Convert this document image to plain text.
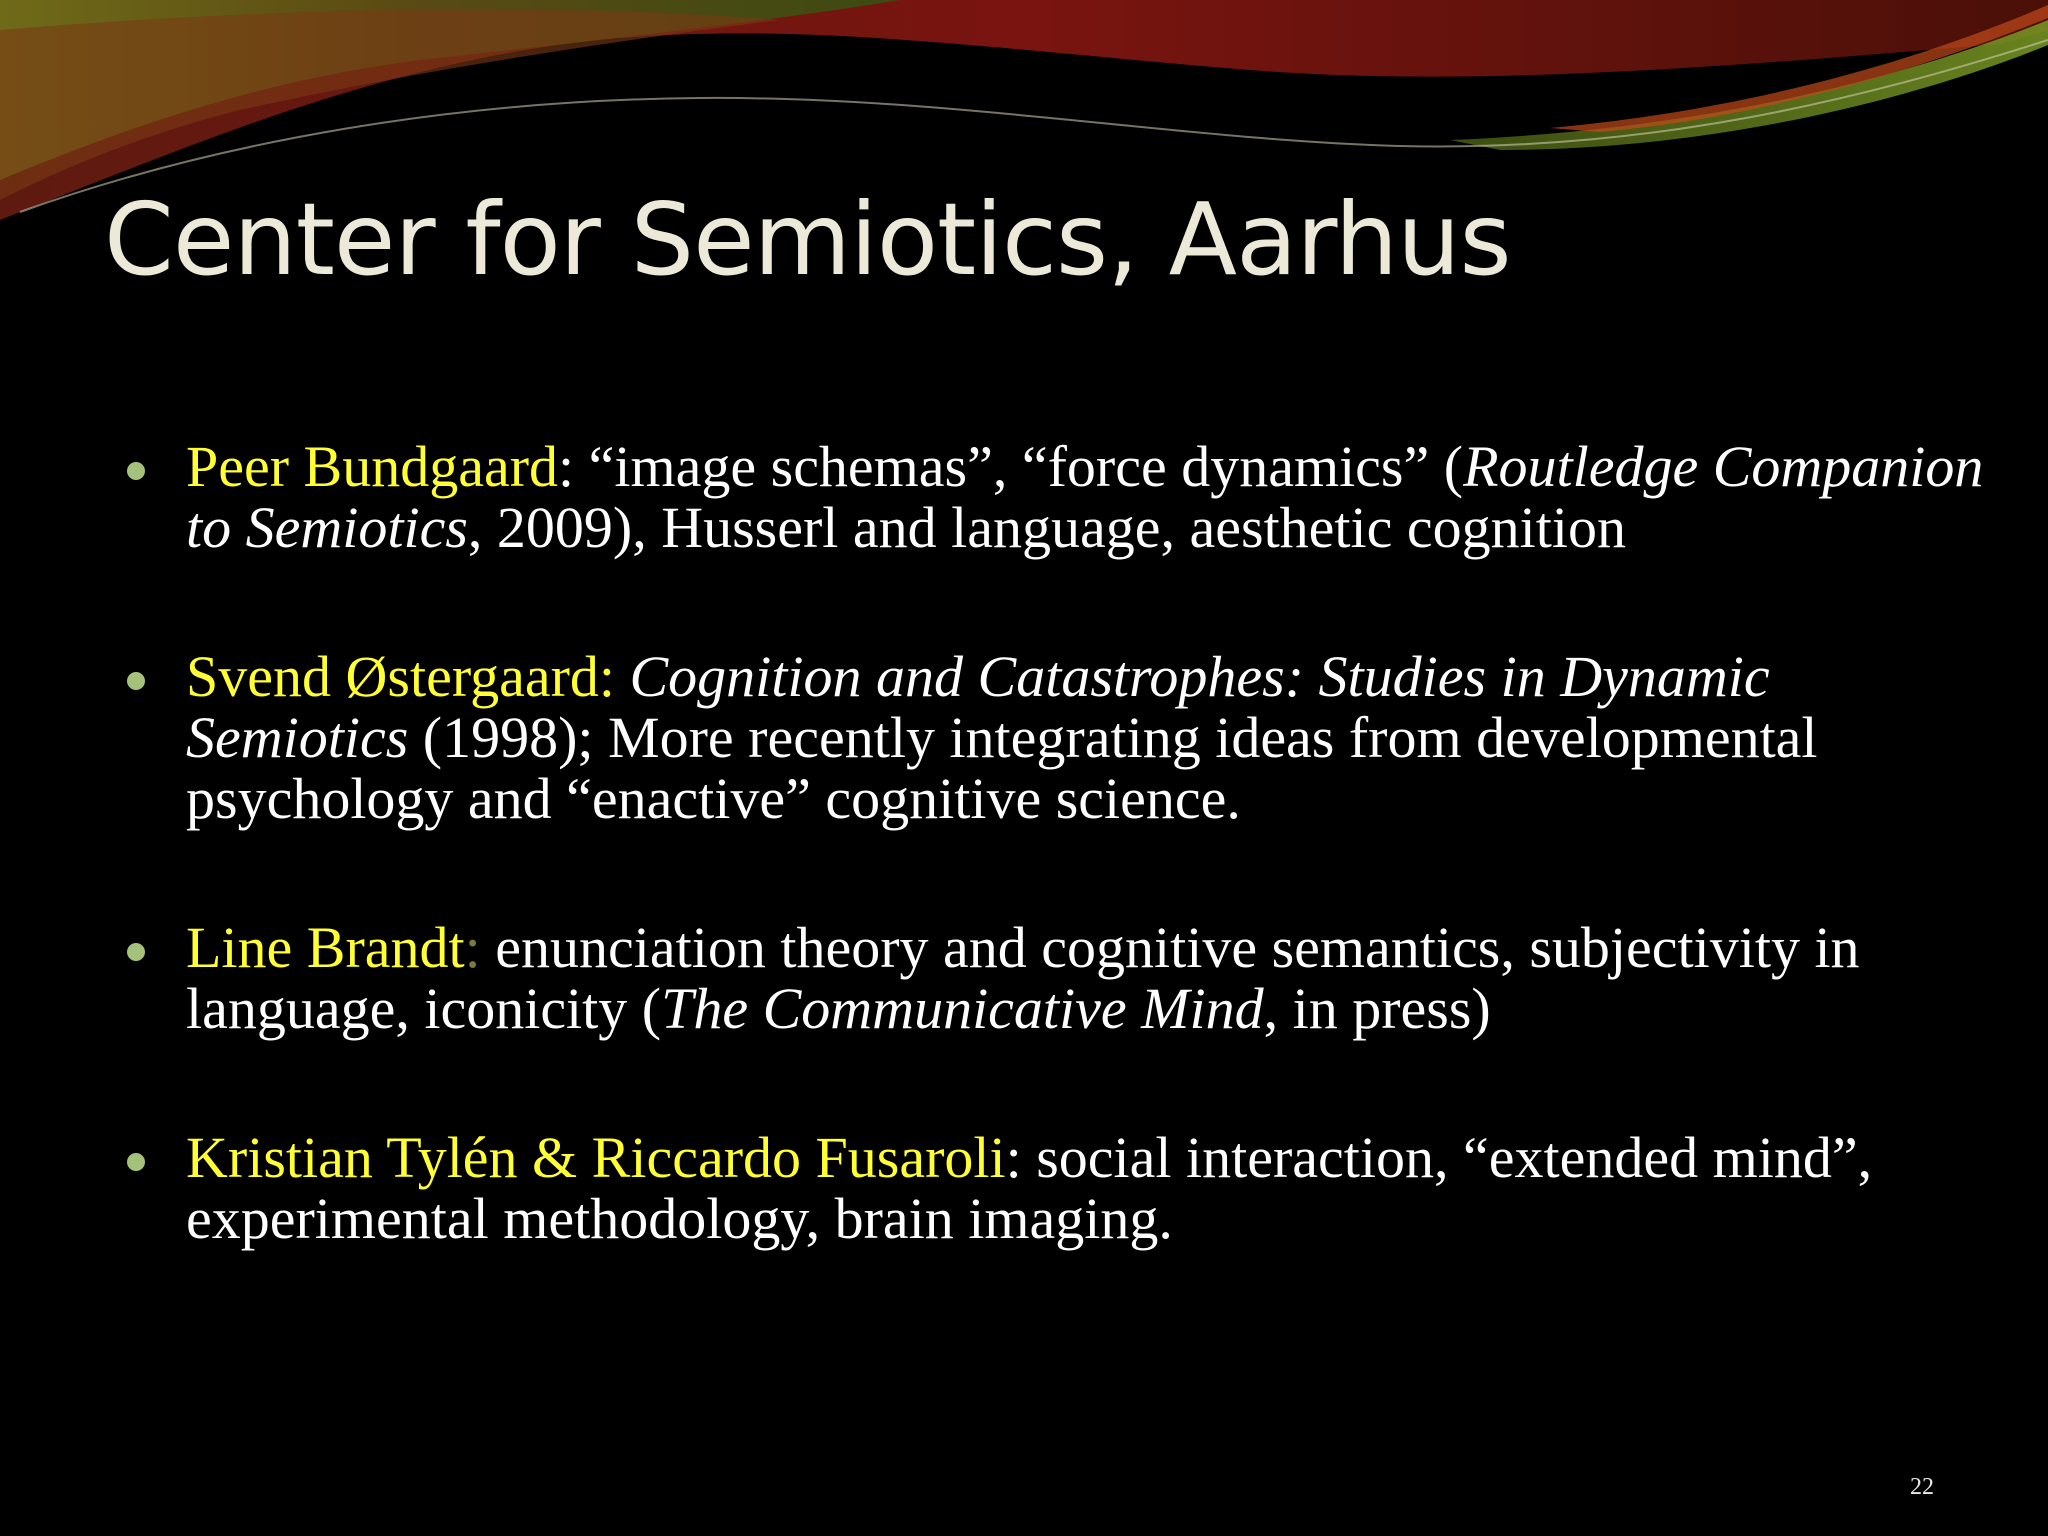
Center for Semiotics, Aarhus
Peer Bundgaard: “image schemas”, “force dynamics” (Routledge Companion to Semiotics, 2009), Husserl and language, aesthetic cognition
Svend Østergaard: Cognition and Catastrophes: Studies in Dynamic Semiotics (1998); More recently integrating ideas from developmental psychology and “enactive” cognitive science.
Line Brandt: enunciation theory and cognitive semantics, subjectivity in language, iconicity (The Communicative Mind, in press)
Kristian Tylén & Riccardo Fusaroli: social interaction, “extended mind”, experimental methodology, brain imaging.
22
